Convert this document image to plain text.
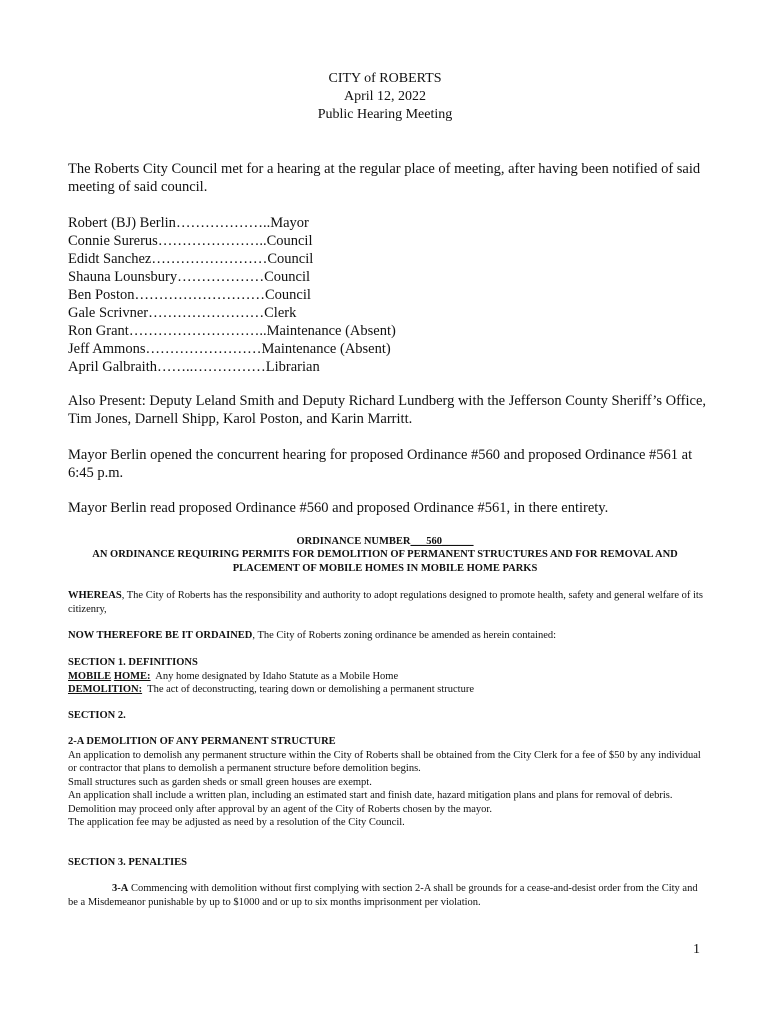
CITY of ROBERTS
April 12, 2022
Public Hearing Meeting
The Roberts City Council met for a hearing at the regular place of meeting, after having been notified of said meeting of said council.
Robert (BJ) Berlin………………..Mayor
Connie Surerus…………………..Council
Edidt Sanchez……………………Council
Shauna Lounsbury………………Council
Ben Poston………………………Council
Gale Scrivner……………………Clerk
Ron Grant………………………..Maintenance (Absent)
Jeff Ammons……………………Maintenance (Absent)
April Galbraith……..……………Librarian
Also Present: Deputy Leland Smith and Deputy Richard Lundberg with the Jefferson County Sheriff’s Office, Tim Jones, Darnell Shipp, Karol Poston, and Karin Marritt.
Mayor Berlin opened the concurrent hearing for proposed Ordinance #560 and proposed Ordinance #561 at 6:45 p.m.
Mayor Berlin read proposed Ordinance #560 and proposed Ordinance #561, in there entirety.
ORDINANCE NUMBER___560______
AN ORDINANCE REQUIRING PERMITS FOR DEMOLITION OF PERMANENT STRUCTURES AND FOR REMOVAL AND PLACEMENT OF MOBILE HOMES IN MOBILE HOME PARKS
WHEREAS, The City of Roberts has the responsibility and authority to adopt regulations designed to promote health, safety and general welfare of its citizenry,
NOW THEREFORE BE IT ORDAINED, The City of Roberts zoning ordinance be amended as herein contained:
SECTION 1. DEFINITIONS
MOBILE HOME: Any home designated by Idaho Statute as a Mobile Home
DEMOLITION: The act of deconstructing, tearing down or demolishing a permanent structure
SECTION 2.
2-A DEMOLITION OF ANY PERMANENT STRUCTURE
An application to demolish any permanent structure within the City of Roberts shall be obtained from the City Clerk for a fee of $50 by any individual or contractor that plans to demolish a permanent structure before demolition begins.
Small structures such as garden sheds or small green houses are exempt.
An application shall include a written plan, including an estimated start and finish date, hazard mitigation plans and plans for removal of debris.
Demolition may proceed only after approval by an agent of the City of Roberts chosen by the mayor.
The application fee may be adjusted as need by a resolution of the City Council.
SECTION 3. PENALTIES
3-A Commencing with demolition without first complying with section 2-A shall be grounds for a cease-and-desist order from the City and be a Misdemeanor punishable by up to $1000 and or up to six months imprisonment per violation.
1
